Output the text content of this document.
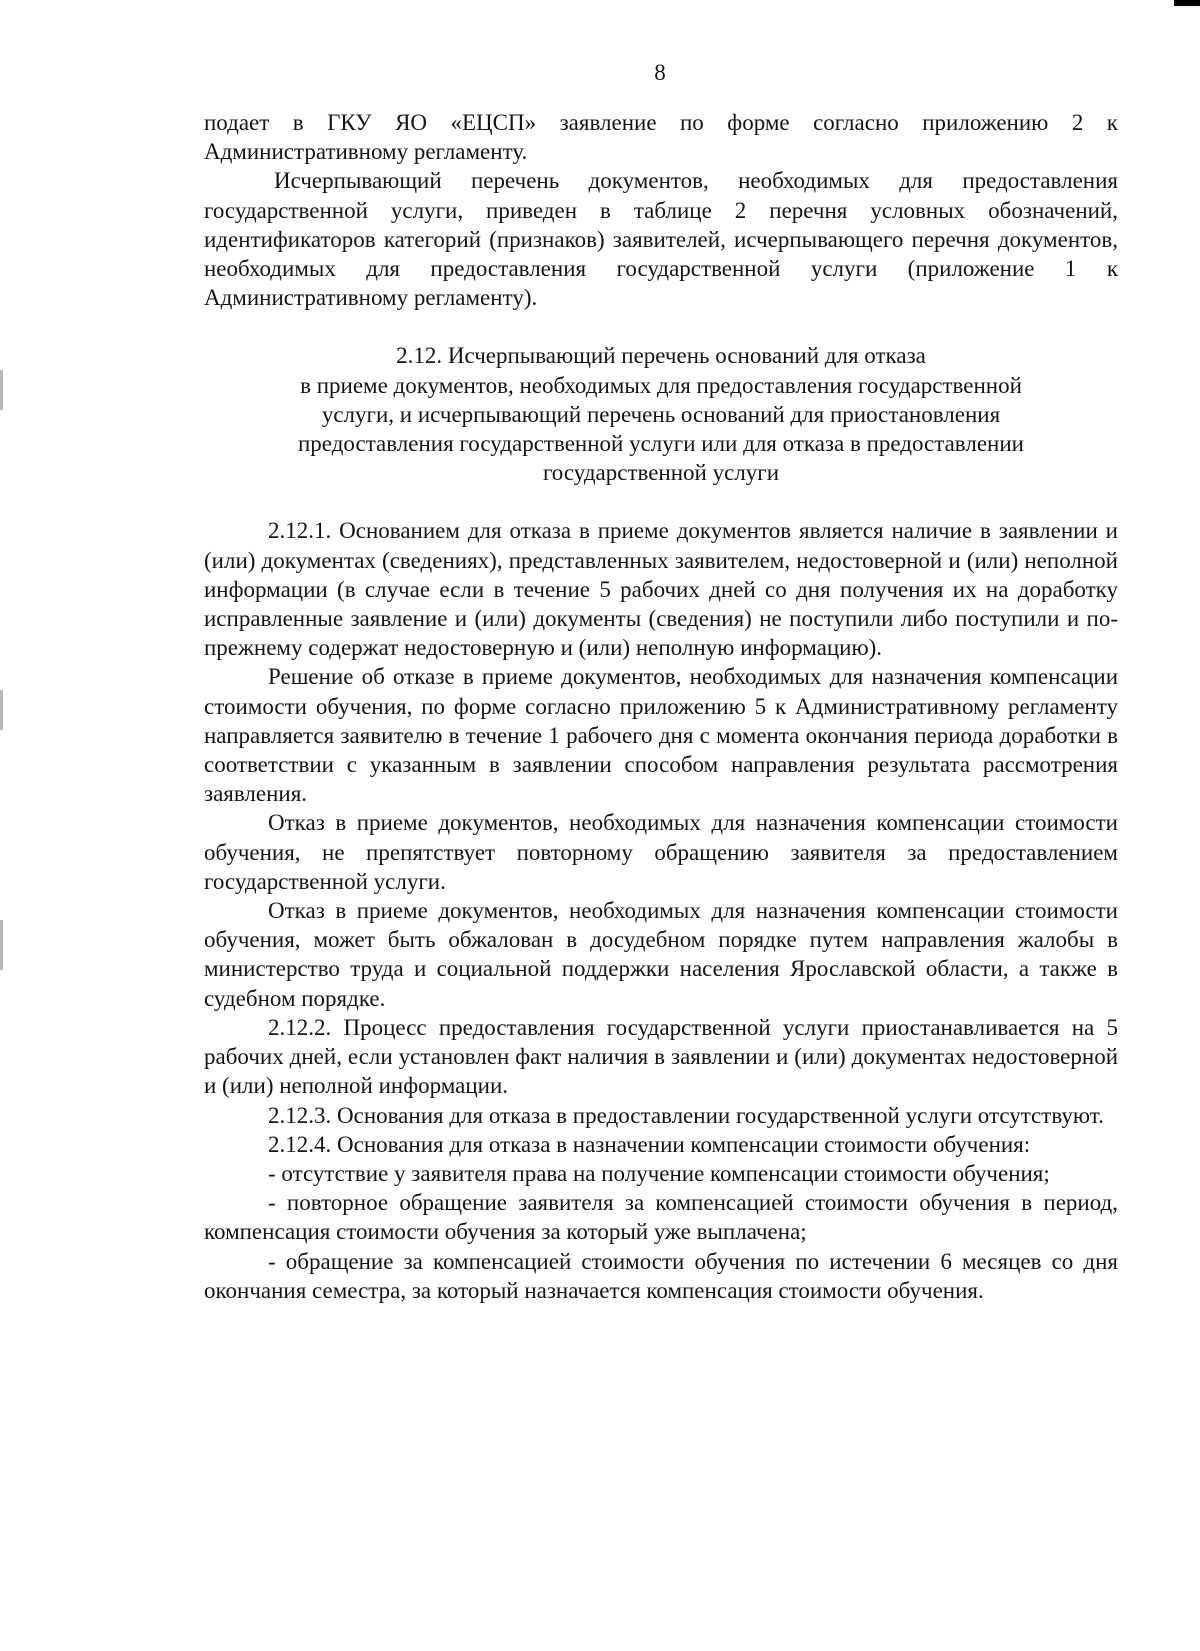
8

подает в ГКУ ЯО «ЕЦСП» заявление по форме согласно приложению 2 к Административному регламенту.

Исчерпывающий перечень документов, необходимых для предоставления государственной услуги, приведен в таблице 2 перечня условных обозначений, идентификаторов категорий (признаков) заявителей, исчерпывающего перечня документов, необходимых для предоставления государственной услуги (приложение 1 к Административному регламенту).

2.12. Исчерпывающий перечень оснований для отказа
в приеме документов, необходимых для предоставления государственной
услуги, и исчерпывающий перечень оснований для приостановления
предоставления государственной услуги или для отказа в предоставлении
государственной услуги

2.12.1. Основанием для отказа в приеме документов является наличие в заявлении и (или) документах (сведениях), представленных заявителем, недостоверной и (или) неполной информации (в случае если в течение 5 рабочих дней со дня получения их на доработку исправленные заявление и (или) документы (сведения) не поступили либо поступили и по-прежнему содержат недостоверную и (или) неполную информацию).

Решение об отказе в приеме документов, необходимых для назначения компенсации стоимости обучения, по форме согласно приложению 5 к Административному регламенту направляется заявителю в течение 1 рабочего дня с момента окончания периода доработки в соответствии с указанным в заявлении способом направления результата рассмотрения заявления.

Отказ в приеме документов, необходимых для назначения компенсации стоимости обучения, не препятствует повторному обращению заявителя за предоставлением государственной услуги.

Отказ в приеме документов, необходимых для назначения компенсации стоимости обучения, может быть обжалован в досудебном порядке путем направления жалобы в министерство труда и социальной поддержки населения Ярославской области, а также в судебном порядке.

2.12.2. Процесс предоставления государственной услуги приостанавливается на 5 рабочих дней, если установлен факт наличия в заявлении и (или) документах недостоверной и (или) неполной информации.

2.12.3. Основания для отказа в предоставлении государственной услуги отсутствуют.

2.12.4. Основания для отказа в назначении компенсации стоимости обучения:

- отсутствие у заявителя права на получение компенсации стоимости обучения;

- повторное обращение заявителя за компенсацией стоимости обучения в период, компенсация стоимости обучения за который уже выплачена;

- обращение за компенсацией стоимости обучения по истечении 6 месяцев со дня окончания семестра, за который назначается компенсация стоимости обучения.
